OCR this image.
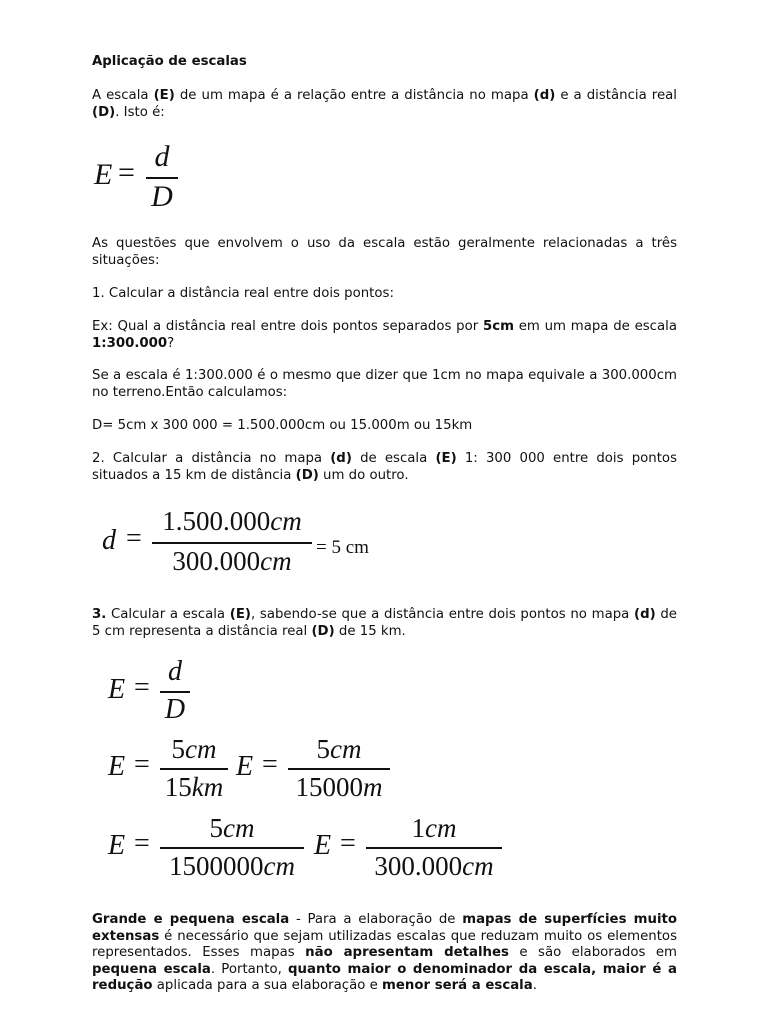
Aplicação de escalas

A escala (E) de um mapa é a relação entre a distância no mapa (d) e a distância real (D). Isto é:

E = d
D

As questões que envolvem o uso da escala estão geralmente relacionadas a três situações:

1. Calcular a distância real entre dois pontos:

Ex: Qual a distância real entre dois pontos separados por 5cm em um mapa de escala 1:300.000?

Se a escala é 1:300.000 é o mesmo que dizer que 1cm no mapa equivale a 300.000cm no terreno.Então calculamos:

D= 5cm x 300 000 = 1.500.000cm ou 15.000m ou 15km

2. Calcular a distância no mapa (d) de escala (E) 1: 300 000 entre dois pontos situados a 15 km de distância (D) um do outro.

d =
1.500.000cm
300.000cm	= 5 cm

3. Calcular a escala (E), sabendo-se que a distância entre dois pontos no mapa (d) de 5 cm representa a distância real (D) de 15 km.

E =
d
D
E = 5cm
15km
E =	5cm
15000m
E =	5cm
1500000cm
E =	1cm
300.000cm

Grande e pequena escala - Para a elaboração de mapas de superfícies muito extensas é necessário que sejam utilizadas escalas que reduzam muito os elementos representados. Esses mapas não apresentam detalhes e são elaborados em pequena escala. Portanto, quanto maior o denominador da escala, maior é a redução aplicada para a sua elaboração e menor será a escala.
